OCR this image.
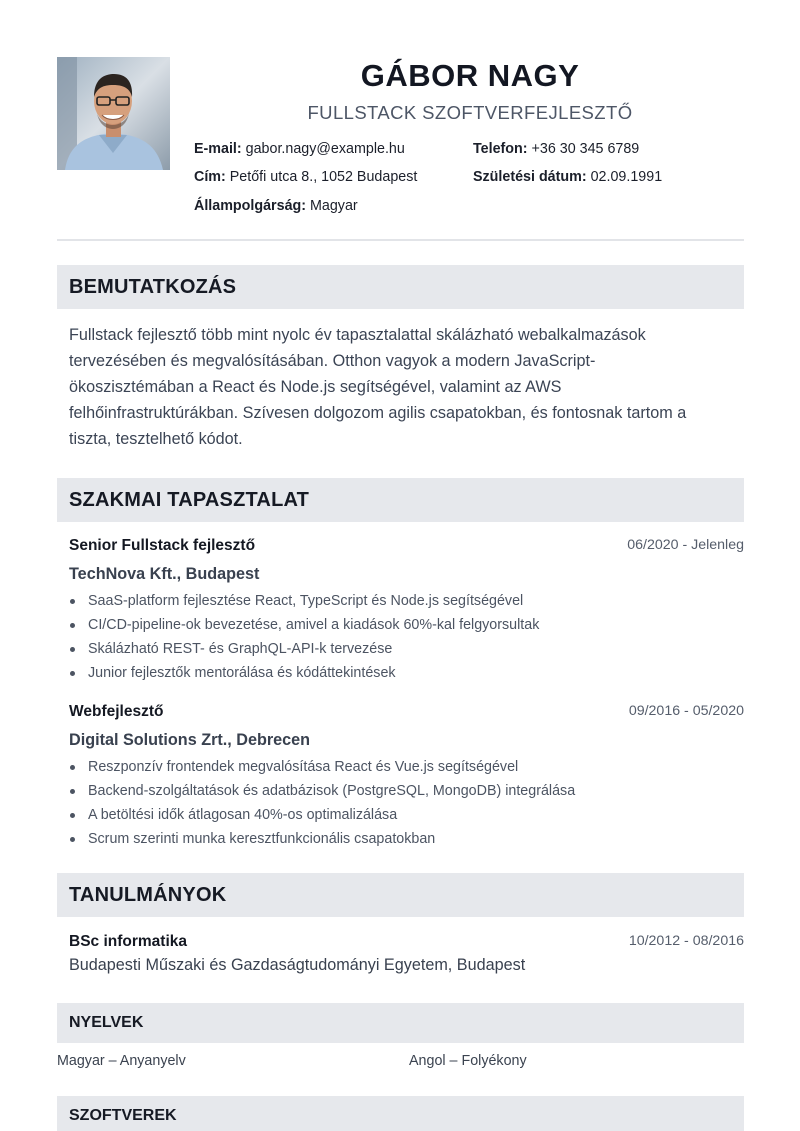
GÁBOR NAGY
FULLSTACK SZOFTVERFEJLESZTŐ
E-mail: gabor.nagy@example.hu	Telefon: +36 30 345 6789
Cím: Petőfi utca 8., 1052 Budapest	Születési dátum: 02.09.1991
Állampolgárság: Magyar
BEMUTATKOZÁS
Fullstack fejlesztő több mint nyolc év tapasztalattal skálázható webalkalmazások
tervezésében és megvalósításában. Otthon vagyok a modern JavaScript-
ökoszisztémában a React és Node.js segítségével, valamint az AWS
felhőinfrastruktúrákban. Szívesen dolgozom agilis csapatokban, és fontosnak tartom a
tiszta, tesztelhető kódot.
SZAKMAI TAPASZTALAT
Senior Fullstack fejlesztő	06/2020 - Jelenleg
TechNova Kft., Budapest
SaaS-platform fejlesztése React, TypeScript és Node.js segítségével
CI/CD-pipeline-ok bevezetése, amivel a kiadások 60%-kal felgyorsultak
Skálázható REST- és GraphQL-API-k tervezése
Junior fejlesztők mentorálása és kódáttekintések
Webfejlesztő	09/2016 - 05/2020
Digital Solutions Zrt., Debrecen
Reszponzív frontendek megvalósítása React és Vue.js segítségével
Backend-szolgáltatások és adatbázisok (PostgreSQL, MongoDB) integrálása
A betöltési idők átlagosan 40%-os optimalizálása
Scrum szerinti munka keresztfunkcionális csapatokban
TANULMÁNYOK
BSc informatika	10/2012 - 08/2016
Budapesti Műszaki és Gazdaságtudományi Egyetem, Budapest
NYELVEK
Magyar – Anyanyelv	Angol – Folyékony
SZOFTVEREK
